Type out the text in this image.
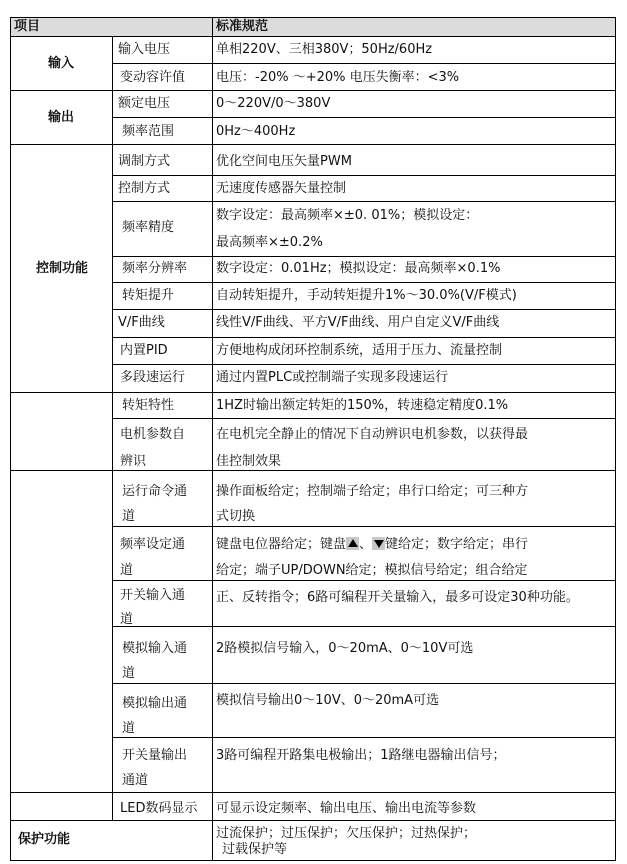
项目	标准规范
输入
输出
控制功能
保护功能
输入电压
变动容许值
额定电压
频率范围
调制方式
控制方式
频率精度
频率分辨率
转矩提升
V/F曲线
内置PID
多段速运行
转矩特性
电机参数自
辨识
运行命令通
道
频率设定通
道
开关输入通
道
模拟输入通
道
模拟输出通
道
开关量输出
通道
LED数码显示
单相220V、三相380V；50Hz/60Hz
电压：-20% ～+20% 电压失衡率：<3%
0～220V/0～380V
0Hz～400Hz
优化空间电压矢量PWM
无速度传感器矢量控制
数字设定：最高频率×±0. 01%；模拟设定：
最高频率×±0.2%
数字设定：0.01Hz；模拟设定：最高频率×0.1%
自动转矩提升，手动转矩提升1%～30.0%(V/F模式)
线性V/F曲线、平方V/F曲线、用户自定义V/F曲线
方便地构成闭环控制系统，适用于压力、流量控制
通过内置PLC或控制端子实现多段速运行
1HZ时输出额定转矩的150%，转速稳定精度0.1%
在电机完全静止的情况下自动辨识电机参数，以获得最
佳控制效果
操作面板给定；控制端子给定；串行口给定；可三种方
式切换
键盘电位器给定；键盘 、 键给定；数字给定；串行
给定；端子UP/DOWN给定；模拟信号给定；组合给定
正、反转指令；6路可编程开关量输入，最多可设定30种功能。
2路模拟信号输入，0～20mA、0～10V可选
模拟信号输出0～10V、0～20mA可选
3路可编程开路集电极输出；1路继电器输出信号；
可显示设定频率、输出电压、输出电流等参数
过流保护；过压保护；欠压保护；过热保护；
过载保护等
